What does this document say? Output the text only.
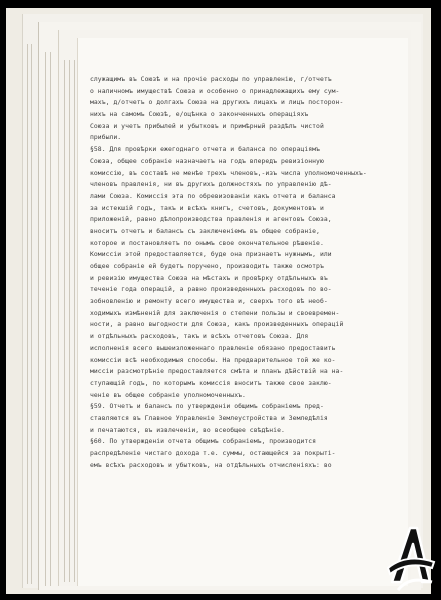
служащимъ въ Союзѣ и на прочіе расходы по управленію, г/отчетъ
о наличномъ имуществѣ Союза и особенно о принадлежащихъ ему сум-
махъ, д/отчетъ о долгахъ Союза на другихъ лицахъ и лицъ посторон-
нихъ на самомъ Союзѣ, е/оцѣнка о законченныхъ операціяхъ
Союза и учетъ прибылей и убытковъ и примѣрный раздѣлъ чистой
прибыли.
§58. Для провѣрки ежегоднаго отчета и баланса по операціямъ
Союза, общее собраніе назначаетъ на годъ впередъ ревизіонную
комиссію, въ составѣ не менѣе трехъ членовъ,-изъ числа уполномоченныхъ-
членовъ правленія, ни въ другихъ должностяхъ по управленію дѣ-
лами Союза. Комиссія эта по обревизованіи какъ отчета и баланса
за истекшій годъ, такъ и всѣхъ книгъ, счетовъ, документовъ и
приложеній, равно дѣлопроизводства правленія и агентовъ Союза,
вноситъ отчетъ и балансъ съ заключеніемъ въ общее собраніе,
которое и постановляетъ по онымъ свое окончательное рѣшеніе.
Комиссіи этой предоставляется, буде она признаетъ нужнымъ, или
общее собраніе ей будетъ поручено, производить также осмотръ
и ревизію имущества Союза на мѣстахъ и провѣрку отдѣльныхъ въ
теченіе года операцій, а равно произведенныхъ расходовъ по во-
зобновленію и ремонту всего имущества и, сверхъ того вѣ необ-
ходимыхъ измѣненій для заключенія о степени пользы и своевремен-
ности, а равно выгодности для Союза, какъ произведенныхъ операцій
и отдѣльныхъ расходовъ, такъ и всѣхъ отчетовъ Союза. Для
исполненія всего вышеизложеннаго правленіе обязано предоставить
комиссіи всѣ необходимыя способы. На предварительное той же ко-
миссіи разсмотрѣніе предоставляется смѣта и планъ дѣйствій на на-
ступающій годъ, по которымъ комиссія вноситъ также свое заклю-
ченіе въ общее собраніе уполномоченныхъ.
§59. Отчетъ и балансъ по утвержденіи общимъ собраніемъ пред-
ставляются въ Главное Управленіе Землеустройства и Земледѣлія
и печатаются, въ извлеченіи, во всеобщее свѣдѣніе.
§60. По утвержденіи отчета общимъ собраніемъ, производится
распредѣленіе чистаго дохода т.е. суммы, остающейся за покрыті-
емъ всѣхъ расходовъ и убытковъ, на отдѣльныхъ отчисленіяхъ: во
